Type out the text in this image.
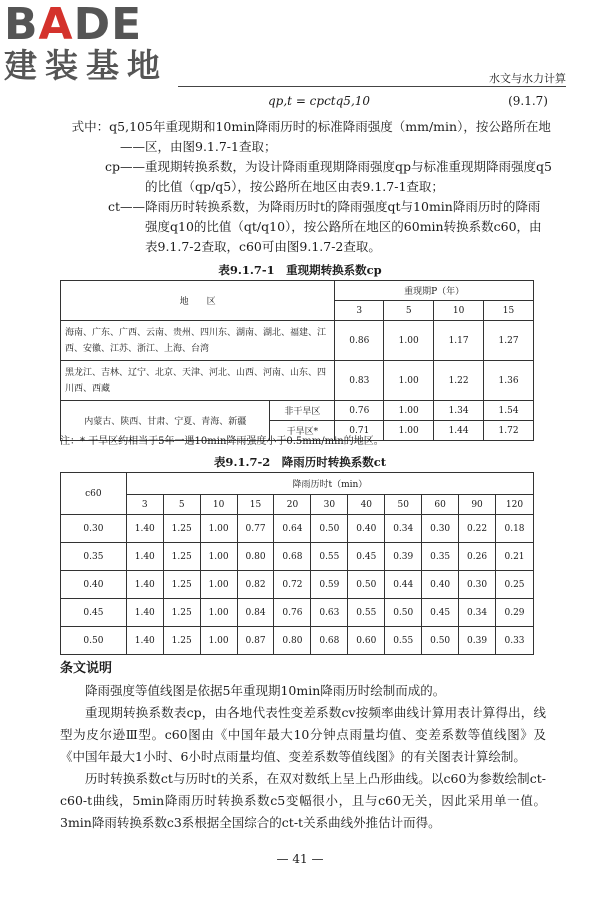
BADE
建装基地	水文与水力计算
qp,t = cpctq5,10	(9.1.7)
式中：q5,10——
5年重现期和10min降雨历时的标准降雨强度（mm/min），按公路所在地区，由图9.1.7-1查取；
cp—— 重现期转换系数，为设计降雨重现期降雨强度qp与标准重现期降雨强度q5的比值（qp/q5），按公路所在地区由表9.1.7-1查取；
ct—— 降雨历时转换系数，为降雨历时t的降雨强度qt与10min降雨历时的降雨强度q10的比值（qt/q10），按公路所在地区的60min转换系数c60，由表9.1.7-2查取，c60可由图9.1.7-2查取。
表9.1.7-1　重现期转换系数cp
地　　区		重现期P（年）			
		3	5	10	15
海南、广东、广西、云南、贵州、四川东、湖南、湖北、福建、江西、安徽、江苏、浙江、上海、台湾		0.86	1.00	1.17	1.27
黑龙江、吉林、辽宁、北京、天津、河北、山西、河南、山东、四川西、西藏		0.83	1.00	1.22	1.36
内蒙古、陕西、甘肃、宁夏、青海、新疆	非干旱区	0.76	1.00	1.34	1.54
	干旱区*	0.71	1.00	1.44	1.72
注：* 干旱区约相当于5年一遇10min降雨强度小于0.5mm/min的地区。
表9.1.7-2　降雨历时转换系数ct
c60	降雨历时t（min）										
	3	5	10	15	20	30	40	50	60	90	120
0.30	1.40	1.25	1.00	0.77	0.64	0.50	0.40	0.34	0.30	0.22	0.18
0.35	1.40	1.25	1.00	0.80	0.68	0.55	0.45	0.39	0.35	0.26	0.21
0.40	1.40	1.25	1.00	0.82	0.72	0.59	0.50	0.44	0.40	0.30	0.25
0.45	1.40	1.25	1.00	0.84	0.76	0.63	0.55	0.50	0.45	0.34	0.29
0.50	1.40	1.25	1.00	0.87	0.80	0.68	0.60	0.55	0.50	0.39	0.33
条文说明

降雨强度等值线图是依据5年重现期10min降雨历时绘制而成的。

重现期转换系数表cp，由各地代表性变差系数cv按频率曲线计算用表计算得出，线型为皮尔逊Ⅲ型。c60图由《中国年最大10分钟点雨量均值、变差系数等值线图》及《中国年最大1小时、6小时点雨量均值、变差系数等值线图》的有关图表计算绘制。

历时转换系数ct与历时t的关系，在双对数纸上呈上凸形曲线。以c60为参数绘制ct-c60-t曲线，5min降雨历时转换系数c5变幅很小，且与c60无关，因此采用单一值。3min降雨转换系数c3系根据全国综合的ct-t关系曲线外推估计而得。

— 41 —
